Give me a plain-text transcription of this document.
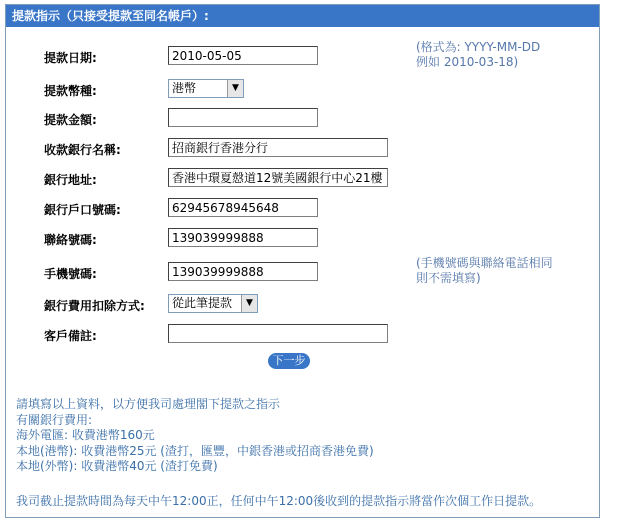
提款指示（只接受提款至同名帳戶）:
提款日期:	2010-05-05
提款幣種:	港幣	▼
提款金額:
收款銀行名稱:	招商銀行香港分行
銀行地址:	香港中環夏慤道12號美國銀行中心21樓
銀行戶口號碼:	62945678945648
聯絡號碼:	139039999888
手機號碼:	139039999888
銀行費用扣除方式:	從此筆提款	▼
客戶備註:
(格式為: YYYY-MM-DD
例如 2010-03-18)
(手機號碼與聯絡電話相同
則不需填寫)
下一步
請填寫以上資料，以方便我司處理閣下提款之指示
有關銀行費用:
海外電匯: 收費港幣160元
本地(港幣): 收費港幣25元 (渣打，匯豐，中銀香港或招商香港免費)
本地(外幣): 收費港幣40元 (渣打免費)
我司截止提款時間為每天中午12:00正，任何中午12:00後收到的提款指示將當作次個工作日提款。
